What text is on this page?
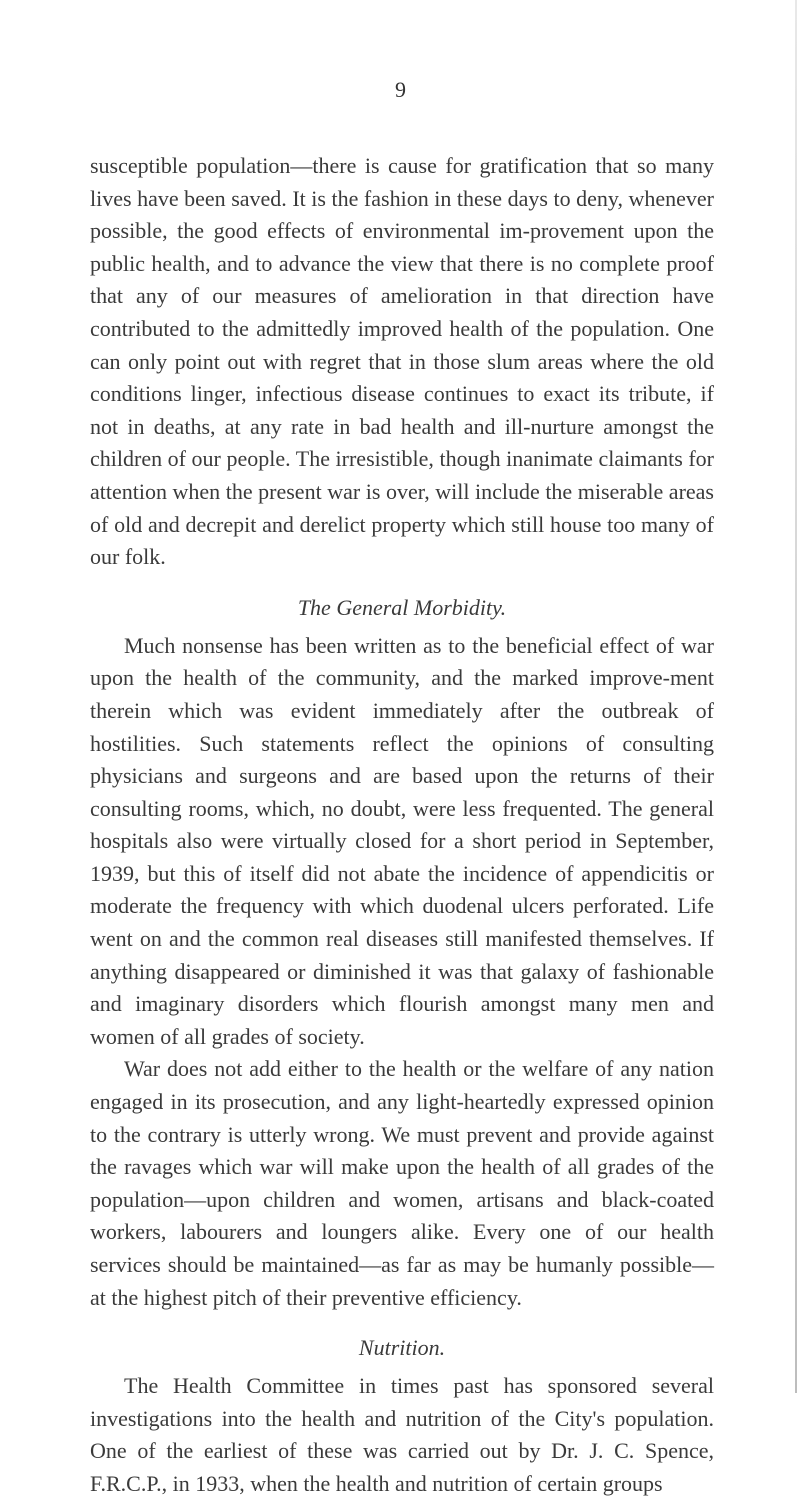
9

susceptible population—there is cause for gratification that so many lives have been saved. It is the fashion in these days to deny, whenever possible, the good effects of environmental im-provement upon the public health, and to advance the view that there is no complete proof that any of our measures of amelioration in that direction have contributed to the admittedly improved health of the population. One can only point out with regret that in those slum areas where the old conditions linger, infectious disease continues to exact its tribute, if not in deaths, at any rate in bad health and ill-nurture amongst the children of our people. The irresistible, though inanimate claimants for attention when the present war is over, will include the miserable areas of old and decrepit and derelict property which still house too many of our folk.

The General Morbidity.

Much nonsense has been written as to the beneficial effect of war upon the health of the community, and the marked improve-ment therein which was evident immediately after the outbreak of hostilities. Such statements reflect the opinions of consulting physicians and surgeons and are based upon the returns of their consulting rooms, which, no doubt, were less frequented. The general hospitals also were virtually closed for a short period in September, 1939, but this of itself did not abate the incidence of appendicitis or moderate the frequency with which duodenal ulcers perforated. Life went on and the common real diseases still manifested themselves. If anything disappeared or diminished it was that galaxy of fashionable and imaginary disorders which flourish amongst many men and women of all grades of society.

War does not add either to the health or the welfare of any nation engaged in its prosecution, and any light-heartedly expressed opinion to the contrary is utterly wrong. We must prevent and provide against the ravages which war will make upon the health of all grades of the population—upon children and women, artisans and black-coated workers, labourers and loungers alike. Every one of our health services should be maintained—as far as may be humanly possible—at the highest pitch of their preventive efficiency.

Nutrition.

The Health Committee in times past has sponsored several investigations into the health and nutrition of the City's population. One of the earliest of these was carried out by Dr. J. C. Spence, F.R.C.P., in 1933, when the health and nutrition of certain groups
